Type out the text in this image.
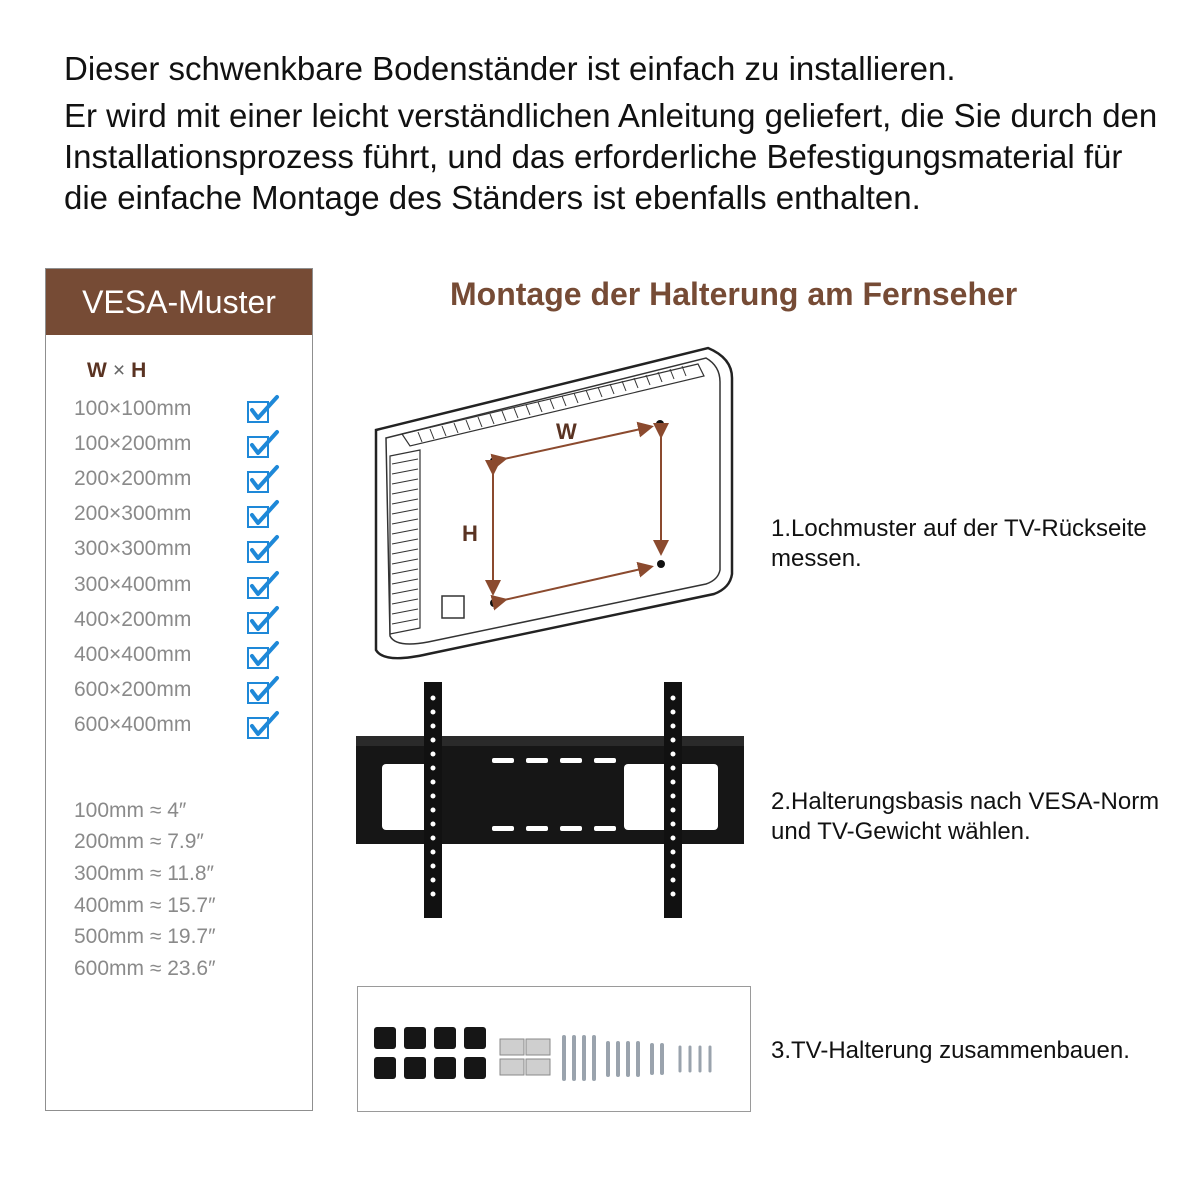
Dieser schwenkbare Bodenständer ist einfach zu installieren.

Er wird mit einer leicht verständlichen Anleitung geliefert, die Sie durch den Installationsprozess führt, und das erforderliche Befestigungsmaterial für die einfache Montage des Ständers ist ebenfalls enthalten.

VESA-Muster
W × H
100×100mm
100×200mm
200×200mm
200×300mm
300×300mm
300×400mm
400×200mm
400×400mm
600×200mm
600×400mm
100mm ≈ 4″
200mm ≈ 7.9″
300mm ≈ 11.8″
400mm ≈ 15.7″
500mm ≈ 19.7″
600mm ≈ 23.6″
Montage der Halterung am Fernseher
W
H	1.Lochmuster auf der TV-Rückseite messen.
2.Halterungsbasis nach VESA-Norm und TV-Gewicht wählen.
3.TV-Halterung zusammenbauen.
